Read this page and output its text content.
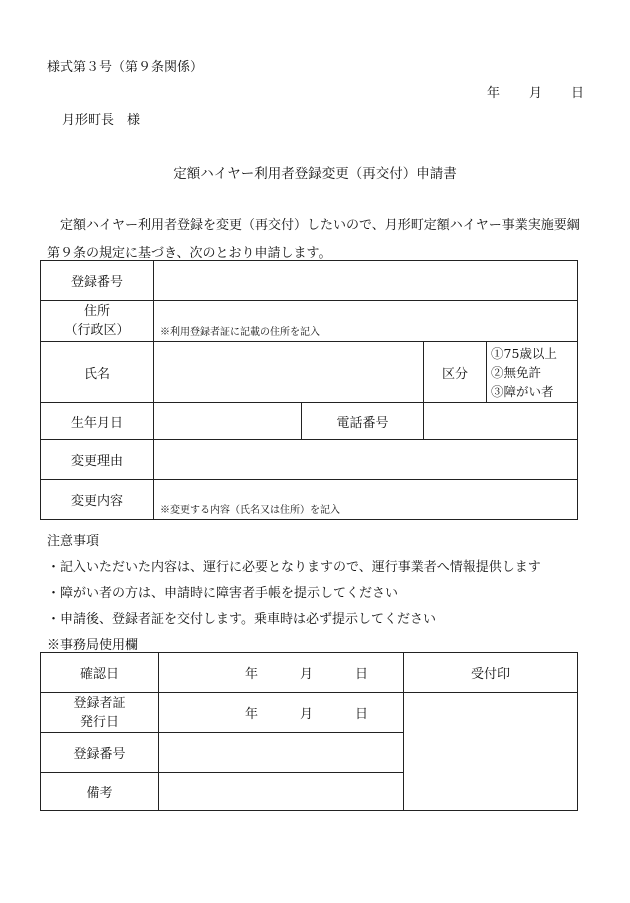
様式第３号（第９条関係）
年 月 日
月形町長　様
定額ハイヤー利用者登録変更（再交付）申請書
 定額ハイヤー利用者登録を変更（再交付）したいので、月形町定額ハイヤー事業実施要綱第９条の規定に基づき、次のとおり申請します。
登録番号				

住所
（行政区）	※利用登録者証に記載の住所を記入			
氏名			区分	①75歳以上
②無免許
③障がい者

生年月日		電話番号		
変更理由				
変更内容	※変更する内容（氏名又は住所）を記入			
注意事項
・記入いただいた内容は、運行に必要となりますので、運行事業者へ情報提供します
・障がい者の方は、申請時に障害者手帳を提示してください
・申請後、登録者証を交付します。乗車時は必ず提示してください
※事務局使用欄
確認日	年 月 日	受付印

登録者証
発行日	年 月 日	
登録番号		
備考		
